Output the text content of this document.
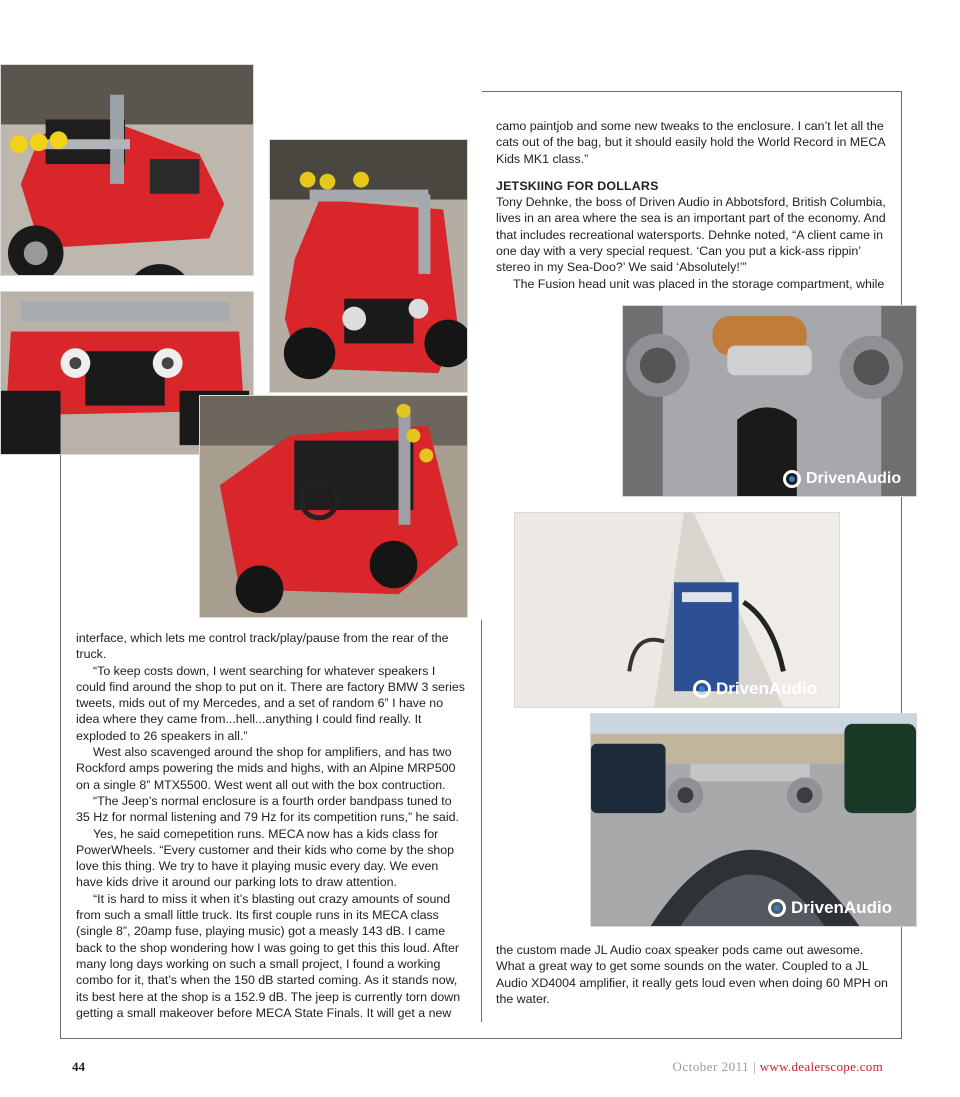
DrivenAudio
DrivenAudio
DrivenAudio

camo paintjob and some new tweaks to the enclosure. I can’t let all the cats out of the bag, but it should easily hold the World Record in MECA Kids MK1 class.”

JETSKIING FOR DOLLARS

Tony Dehnke, the boss of Driven Audio in Abbotsford, British Columbia, lives in an area where the sea is an important part of the economy. And that includes recreational watersports. Dehnke noted, “A client came in one day with a very special request. ‘Can you put a kick-ass rippin’ stereo in my Sea-Doo?’ We said ‘Absolutely!’”

The Fusion head unit was placed in the storage compartment, while

interface, which lets me control track/play/pause from the rear of the truck.

“To keep costs down, I went searching for whatever speakers I could find around the shop to put on it. There are factory BMW 3 series tweets, mids out of my Mercedes, and a set of random 6” I have no idea where they came from...hell...anything I could find really. It exploded to 26 speakers in all.”

West also scavenged around the shop for amplifiers, and has two Rockford amps powering the mids and highs, with an Alpine MRP500 on a single 8” MTX5500. West went all out with the box contruction.

“The Jeep’s normal enclosure is a fourth order bandpass tuned to 35 Hz for normal listening and 79 Hz for its competition runs,” he said.

Yes, he said comepetition runs. MECA now has a kids class for PowerWheels. “Every customer and their kids who come by the shop love this thing. We try to have it playing music every day. We even have kids drive it around our parking lots to draw attention.

“It is hard to miss it when it’s blasting out crazy amounts of sound from such a small little truck. Its first couple runs in its MECA class (single 8”, 20amp fuse, playing music) got a measly 143 dB. I came back to the shop wondering how I was going to get this this loud. After many long days working on such a small project, I found a working combo for it, that’s when the 150 dB started coming. As it stands now, its best here at the shop is a 152.9 dB. The jeep is currently torn down getting a small makeover before MECA State Finals. It will get a new

the custom made JL Audio coax speaker pods came out awesome. What a great way to get some sounds on the water. Coupled to a JL Audio XD4004 amplifier, it really gets loud even when doing 60 MPH on the water.

44	October 2011 | www.dealerscope.com
